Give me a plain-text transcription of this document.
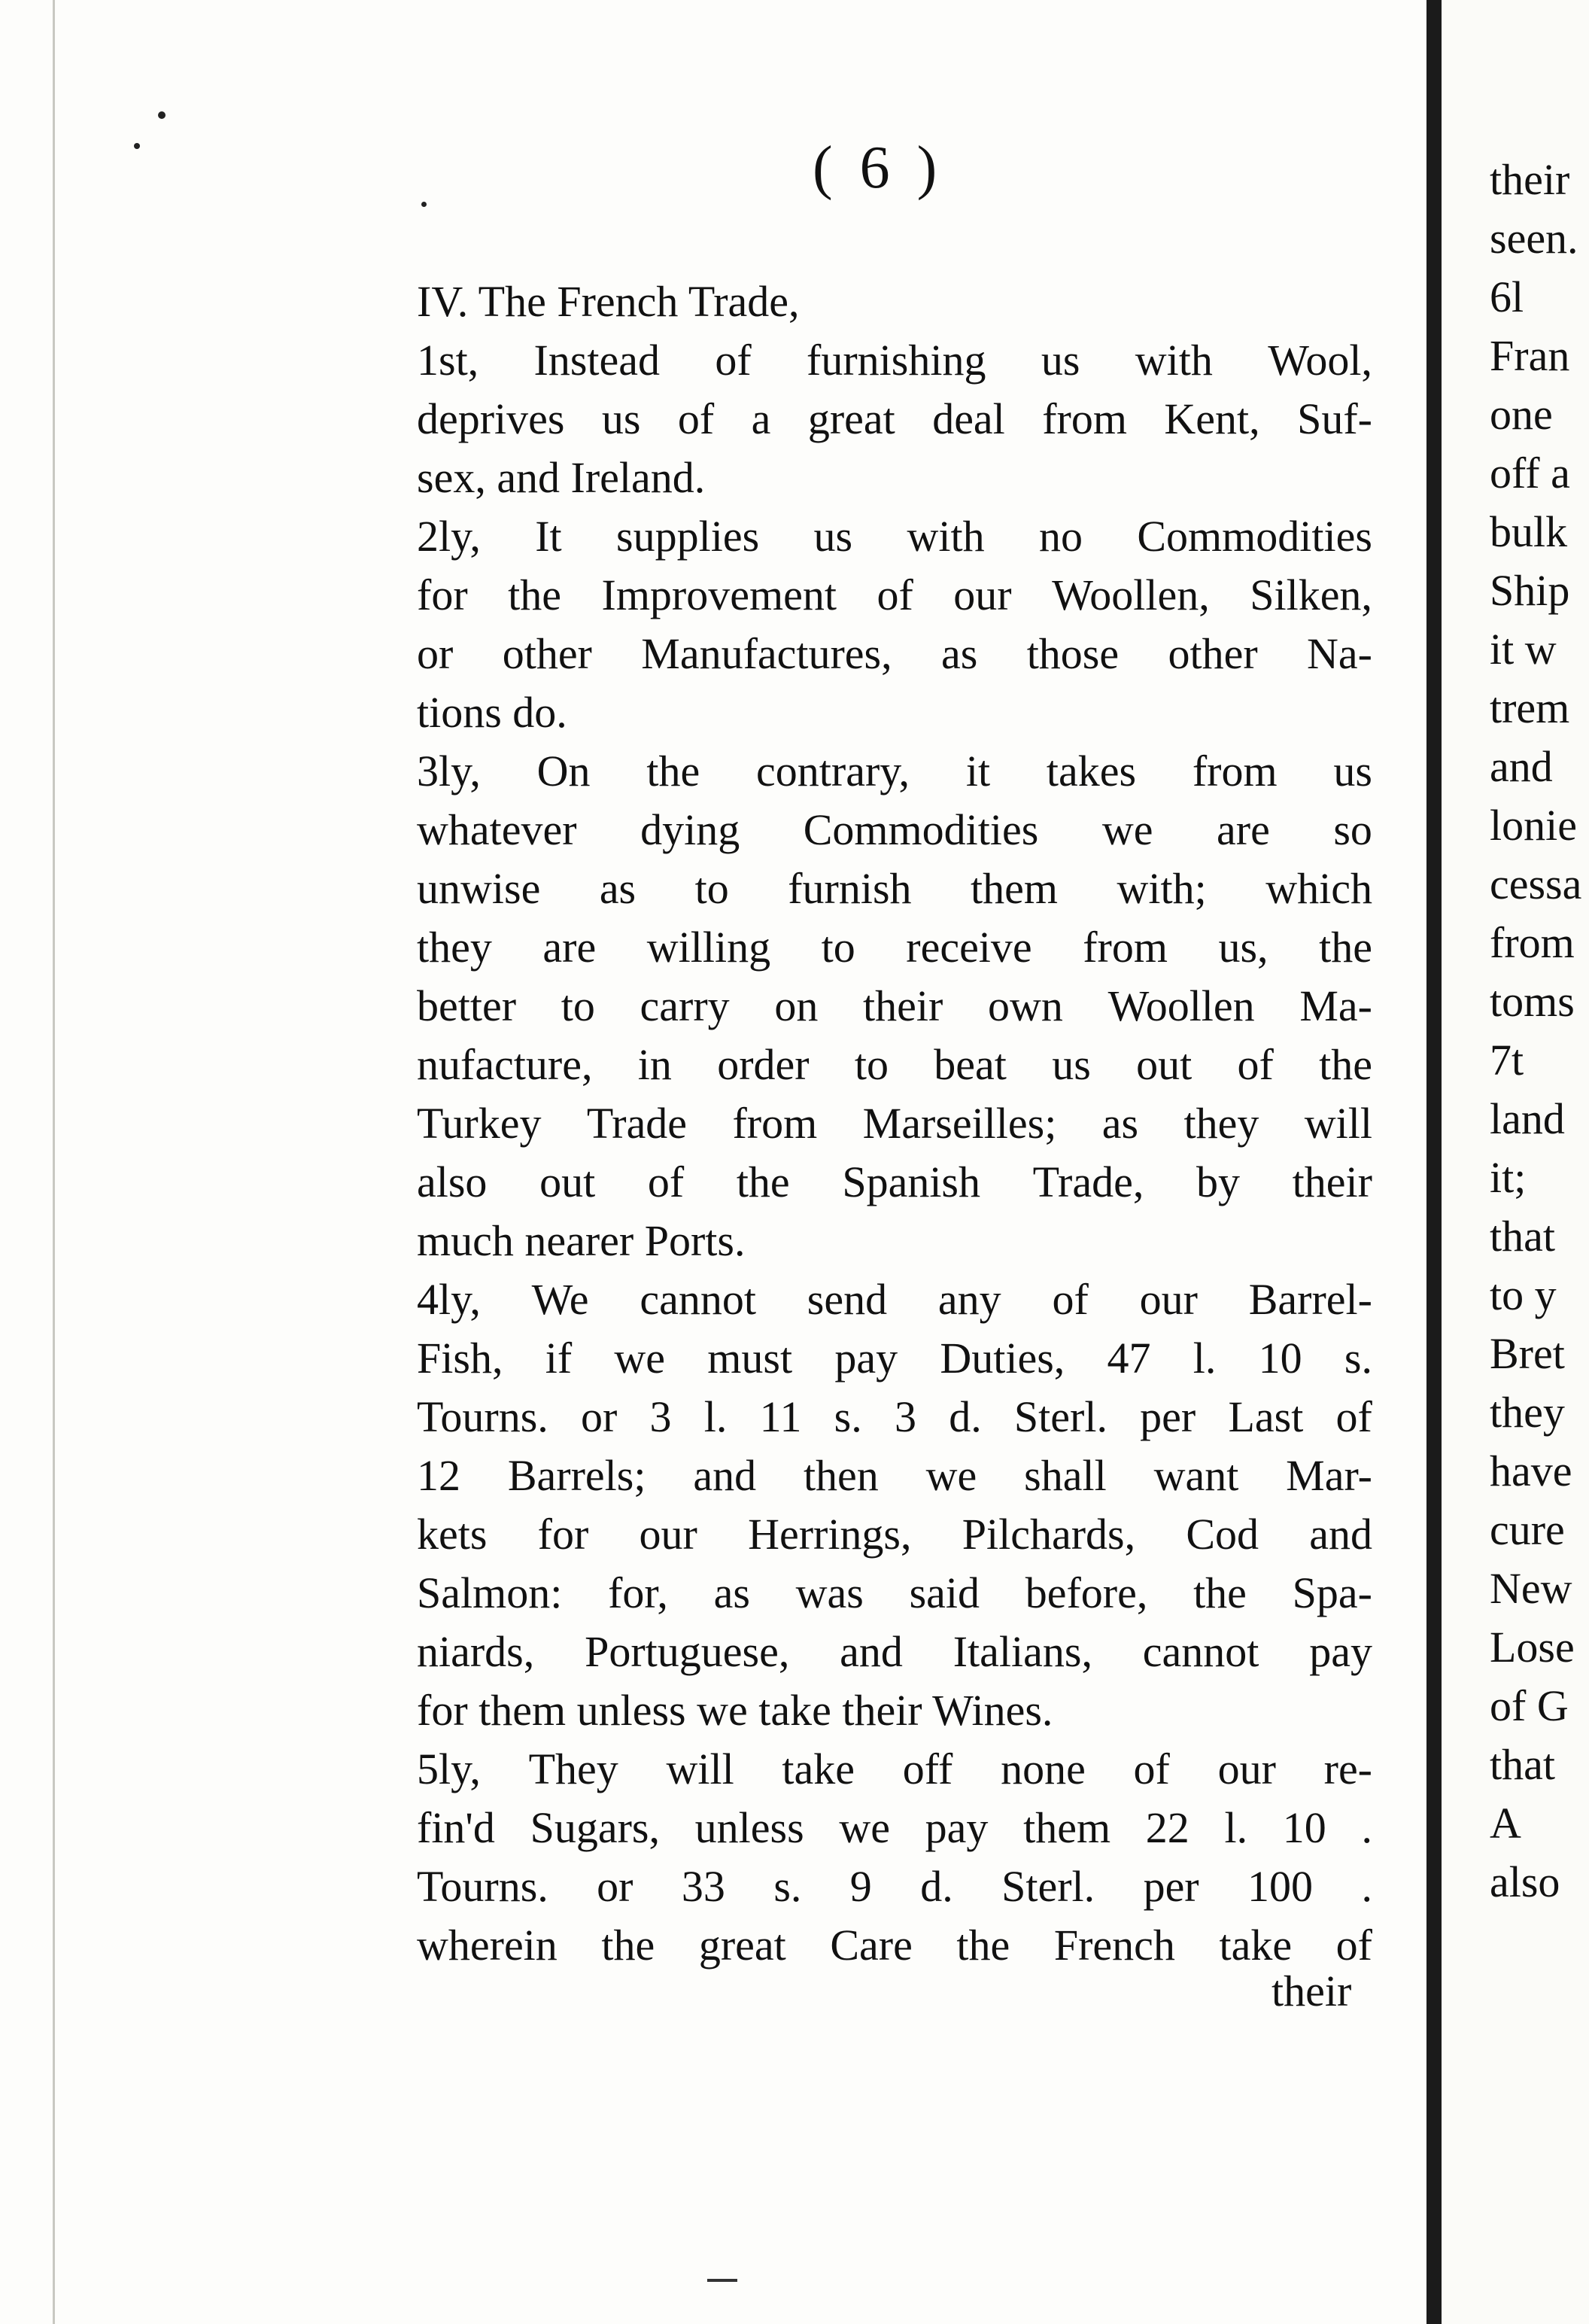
( 6 )
IV. The French Trade,
1st, Instead of furnishing us with Wool,
deprives us of a great deal from Kent, Suf-
sex, and Ireland.
2ly, It supplies us with no Commodities
for the Improvement of our Woollen, Silken,
or other Manufactures, as those other Na-
tions do.
3ly, On the contrary, it takes from us
whatever dying Commodities we are so
unwise as to furnish them with; which
they are willing to receive from us, the
better to carry on their own Woollen Ma-
nufacture, in order to beat us out of the
Turkey Trade from Marseilles; as they will
also out of the Spanish Trade, by their
much nearer Ports.
4ly, We cannot send any of our Barrel-
Fish, if we must pay Duties, 47 l. 10 s.
Tourns. or 3 l. 11 s. 3 d. Sterl. per Last of
12 Barrels; and then we shall want Mar-
kets for our Herrings, Pilchards, Cod and
Salmon: for, as was said before, the Spa-
niards, Portuguese, and Italians, cannot pay
for them unless we take their Wines.
5ly, They will take off none of our re-
fin'd Sugars, unless we pay them 22 l. 10 .
Tourns. or 33 s. 9 d. Sterl. per 100 .
wherein the great Care the French take of
their
their
seen.
6l
Fran
one
off a
bulk
Ship
it w
trem
and
lonie
cessa
from
toms
7t
land
it;
that
to y
Bret
they
have
cure
New
Lose
of G
that
A
also
